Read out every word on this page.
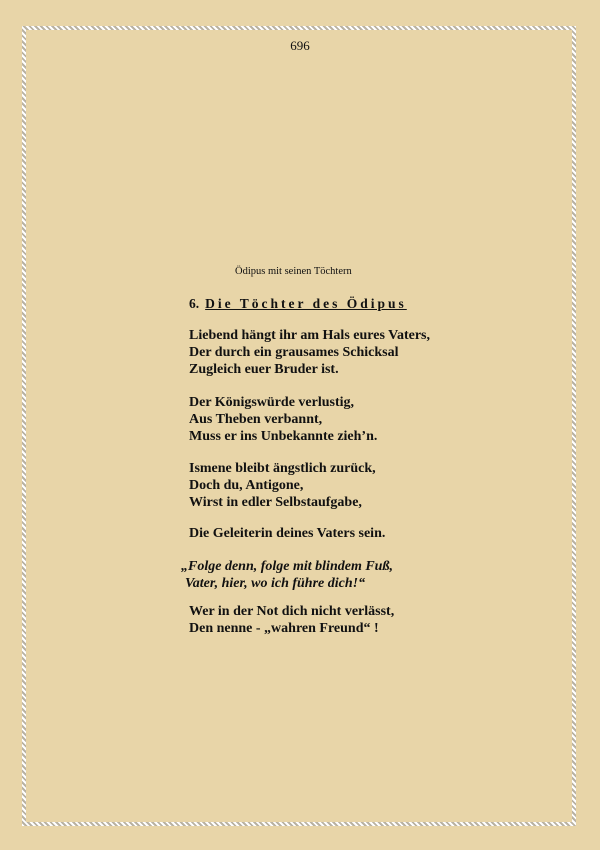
696
Ödipus mit seinen Töchtern
6. Die Töchter des Ödipus
Liebend hängt ihr am Hals eures Vaters,
Der durch ein grausames Schicksal
Zugleich euer Bruder ist.
Der Königswürde verlustig,
Aus Theben verbannt,
Muss er ins Unbekannte zieh’n.
Ismene bleibt ängstlich zurück,
Doch du, Antigone,
Wirst in edler Selbstaufgabe,
Die Geleiterin deines Vaters sein.
„Folge denn, folge mit blindem Fuß,
Vater, hier, wo ich führe dich!“
Wer in der Not dich nicht verlässt,
Den nenne - „wahren Freund“ !
